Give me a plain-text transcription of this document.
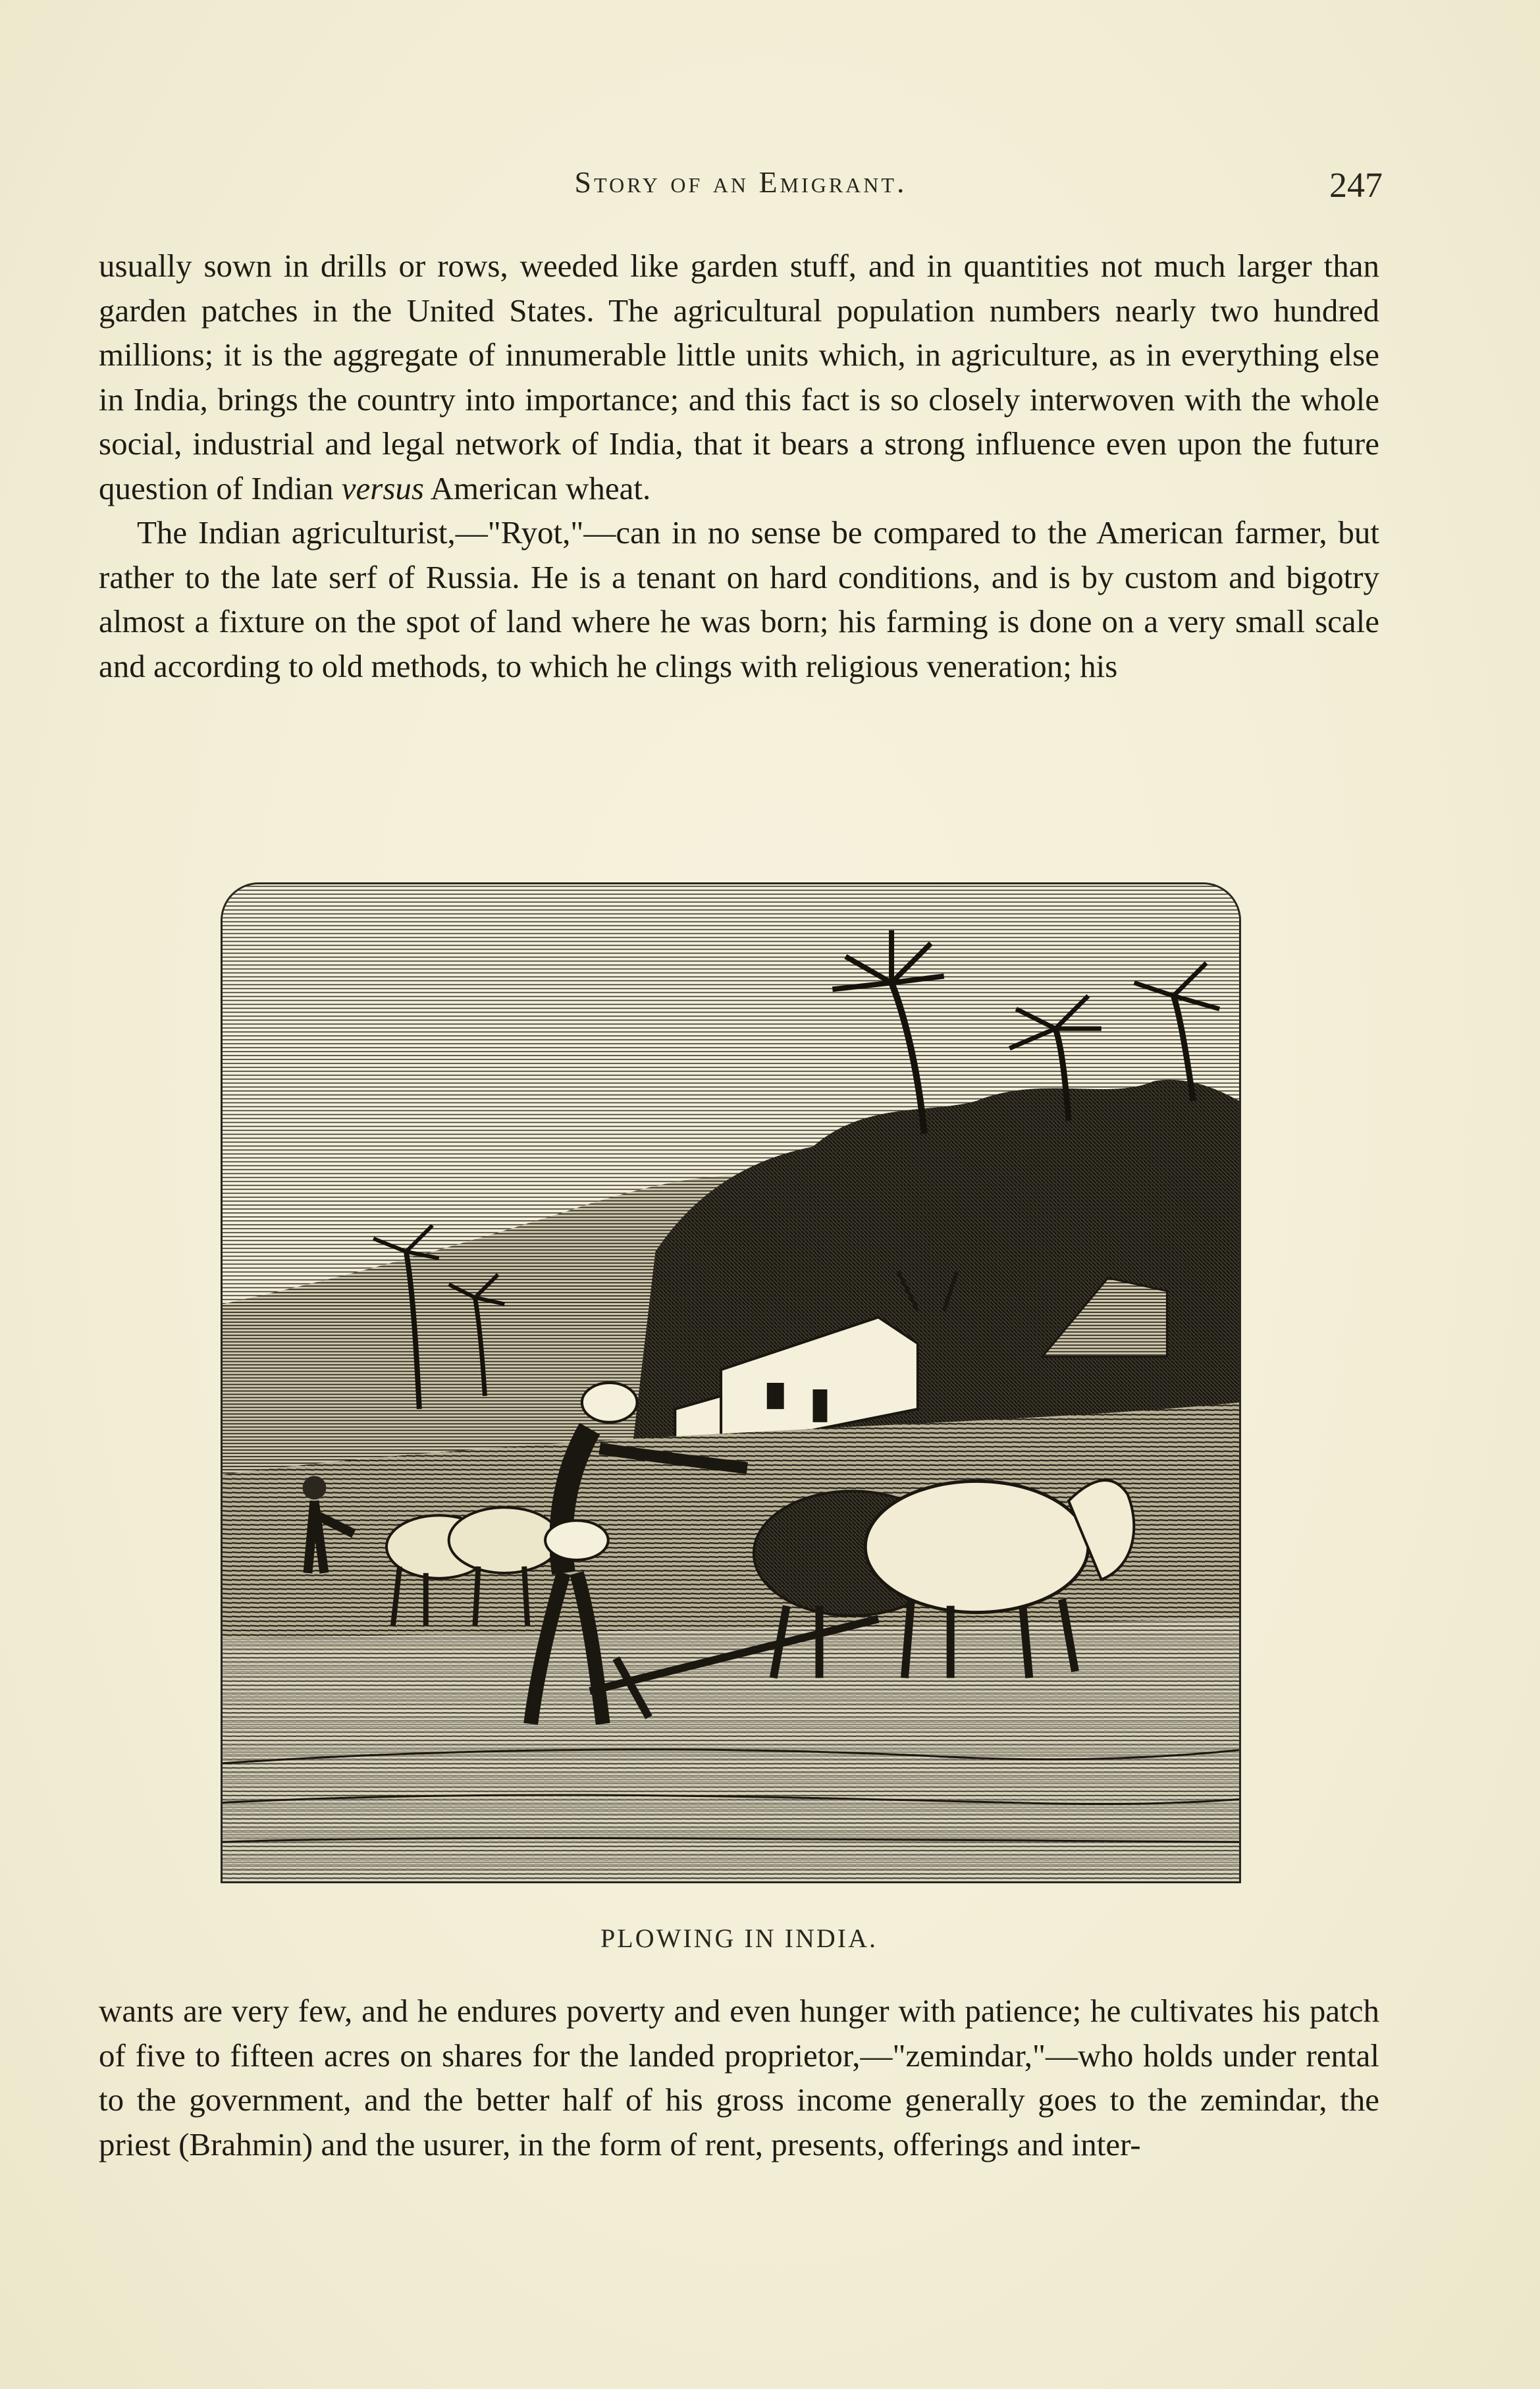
Story of an Emigrant.	247

usually sown in drills or rows, weeded like garden stuff, and in quantities not much larger than garden patches in the United States. The agricultural population numbers nearly two hundred millions; it is the aggregate of innumerable little units which, in agriculture, as in everything else in India, brings the country into importance; and this fact is so closely interwoven with the whole social, industrial and legal network of India, that it bears a strong influence even upon the future question of Indian versus American wheat.

The Indian agriculturist,—"Ryot,"—can in no sense be compared to the American farmer, but rather to the late serf of Russia. He is a tenant on hard conditions, and is by custom and bigotry almost a fixture on the spot of land where he was born; his farming is done on a very small scale and according to old methods, to which he clings with religious veneration; his

PLOWING IN INDIA.

wants are very few, and he endures poverty and even hunger with patience; he cultivates his patch of five to fifteen acres on shares for the landed proprietor,—"zemindar,"—who holds under rental to the government, and the better half of his gross income generally goes to the zemindar, the priest (Brahmin) and the usurer, in the form of rent, presents, offerings and inter-
